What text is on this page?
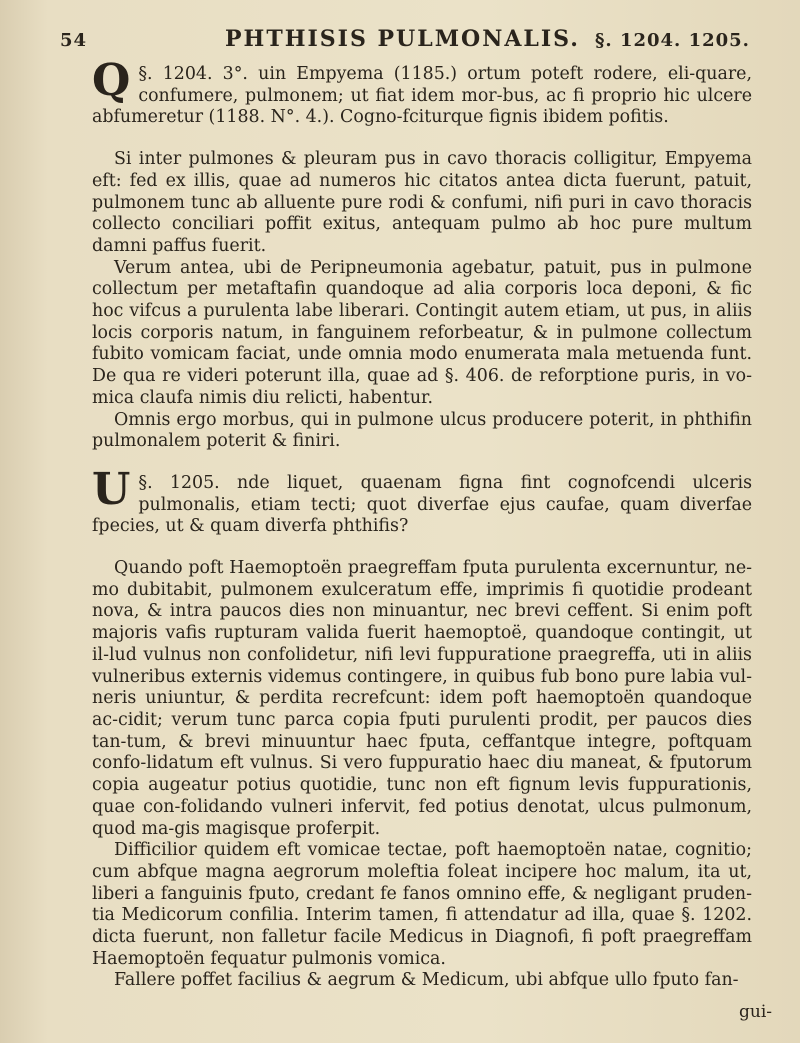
54	PHTHISIS PULMONALIS. §. 1204. 1205.

§. 1204. 3°.
Q	uin Empyema (1185.) ortum poteft rodere, eli-quare, confumere, pulmonem; ut fiat idem mor-bus, ac fi proprio hic ulcere abfumeretur (1188. N°. 4.). Cogno-fciturque fignis ibidem pofitis.

Si inter pulmones & pleuram pus in cavo thoracis colligitur, Empyema eft: fed ex illis, quae ad numeros hic citatos antea dicta fuerunt, patuit, pulmonem tunc ab alluente pure rodi & confumi, nifi puri in cavo thoracis collecto conciliari poffit exitus, antequam pulmo ab hoc pure multum damni paffus fuerit.

Verum antea, ubi de Peripneumonia agebatur, patuit, pus in pulmone collectum per metaftafin quandoque ad alia corporis loca deponi, & fic hoc vifcus a purulenta labe liberari. Contingit autem etiam, ut pus, in aliis locis corporis natum, in fanguinem reforbeatur, & in pulmone collectum fubito vomicam faciat, unde omnia modo enumerata mala metuenda funt. De qua re videri poterunt illa, quae ad §. 406. de reforptione puris, in vo-mica claufa nimis diu relicti, habentur.

Omnis ergo morbus, qui in pulmone ulcus producere poterit, in phthifin pulmonalem poterit & finiri.

§. 1205.
U	nde liquet, quaenam figna fint cognofcendi ulceris pulmonalis, etiam tecti; quot diverfae ejus caufae, quam diverfae fpecies, ut & quam diverfa phthifis?

Quando poft Haemoptoën praegreffam fputa purulenta excernuntur, ne-mo dubitabit, pulmonem exulceratum effe, imprimis fi quotidie prodeant nova, & intra paucos dies non minuantur, nec brevi ceffent. Si enim poft majoris vafis rupturam valida fuerit haemoptoë, quandoque contingit, ut il-lud vulnus non confolidetur, nifi levi fuppuratione praegreffa, uti in aliis vulneribus externis videmus contingere, in quibus fub bono pure labia vul-neris uniuntur, & perdita recrefcunt: idem poft haemoptoën quandoque ac-cidit; verum tunc parca copia fputi purulenti prodit, per paucos dies tan-tum, & brevi minuuntur haec fputa, ceffantque integre, poftquam confo-lidatum eft vulnus. Si vero fuppuratio haec diu maneat, & fputorum copia augeatur potius quotidie, tunc non eft fignum levis fuppurationis, quae con-folidando vulneri infervit, fed potius denotat, ulcus pulmonum, quod ma-gis magisque proferpit.

Difficilior quidem eft vomicae tectae, poft haemoptoën natae, cognitio; cum abfque magna aegrorum moleftia foleat incipere hoc malum, ita ut, liberi a fanguinis fputo, credant fe fanos omnino effe, & negligant pruden-tia Medicorum confilia. Interim tamen, fi attendatur ad illa, quae §. 1202. dicta fuerunt, non falletur facile Medicus in Diagnofi, fi poft praegreffam Haemoptoën fequatur pulmonis vomica.

Fallere poffet facilius & aegrum & Medicum, ubi abfque ullo fputo fan-

gui-
